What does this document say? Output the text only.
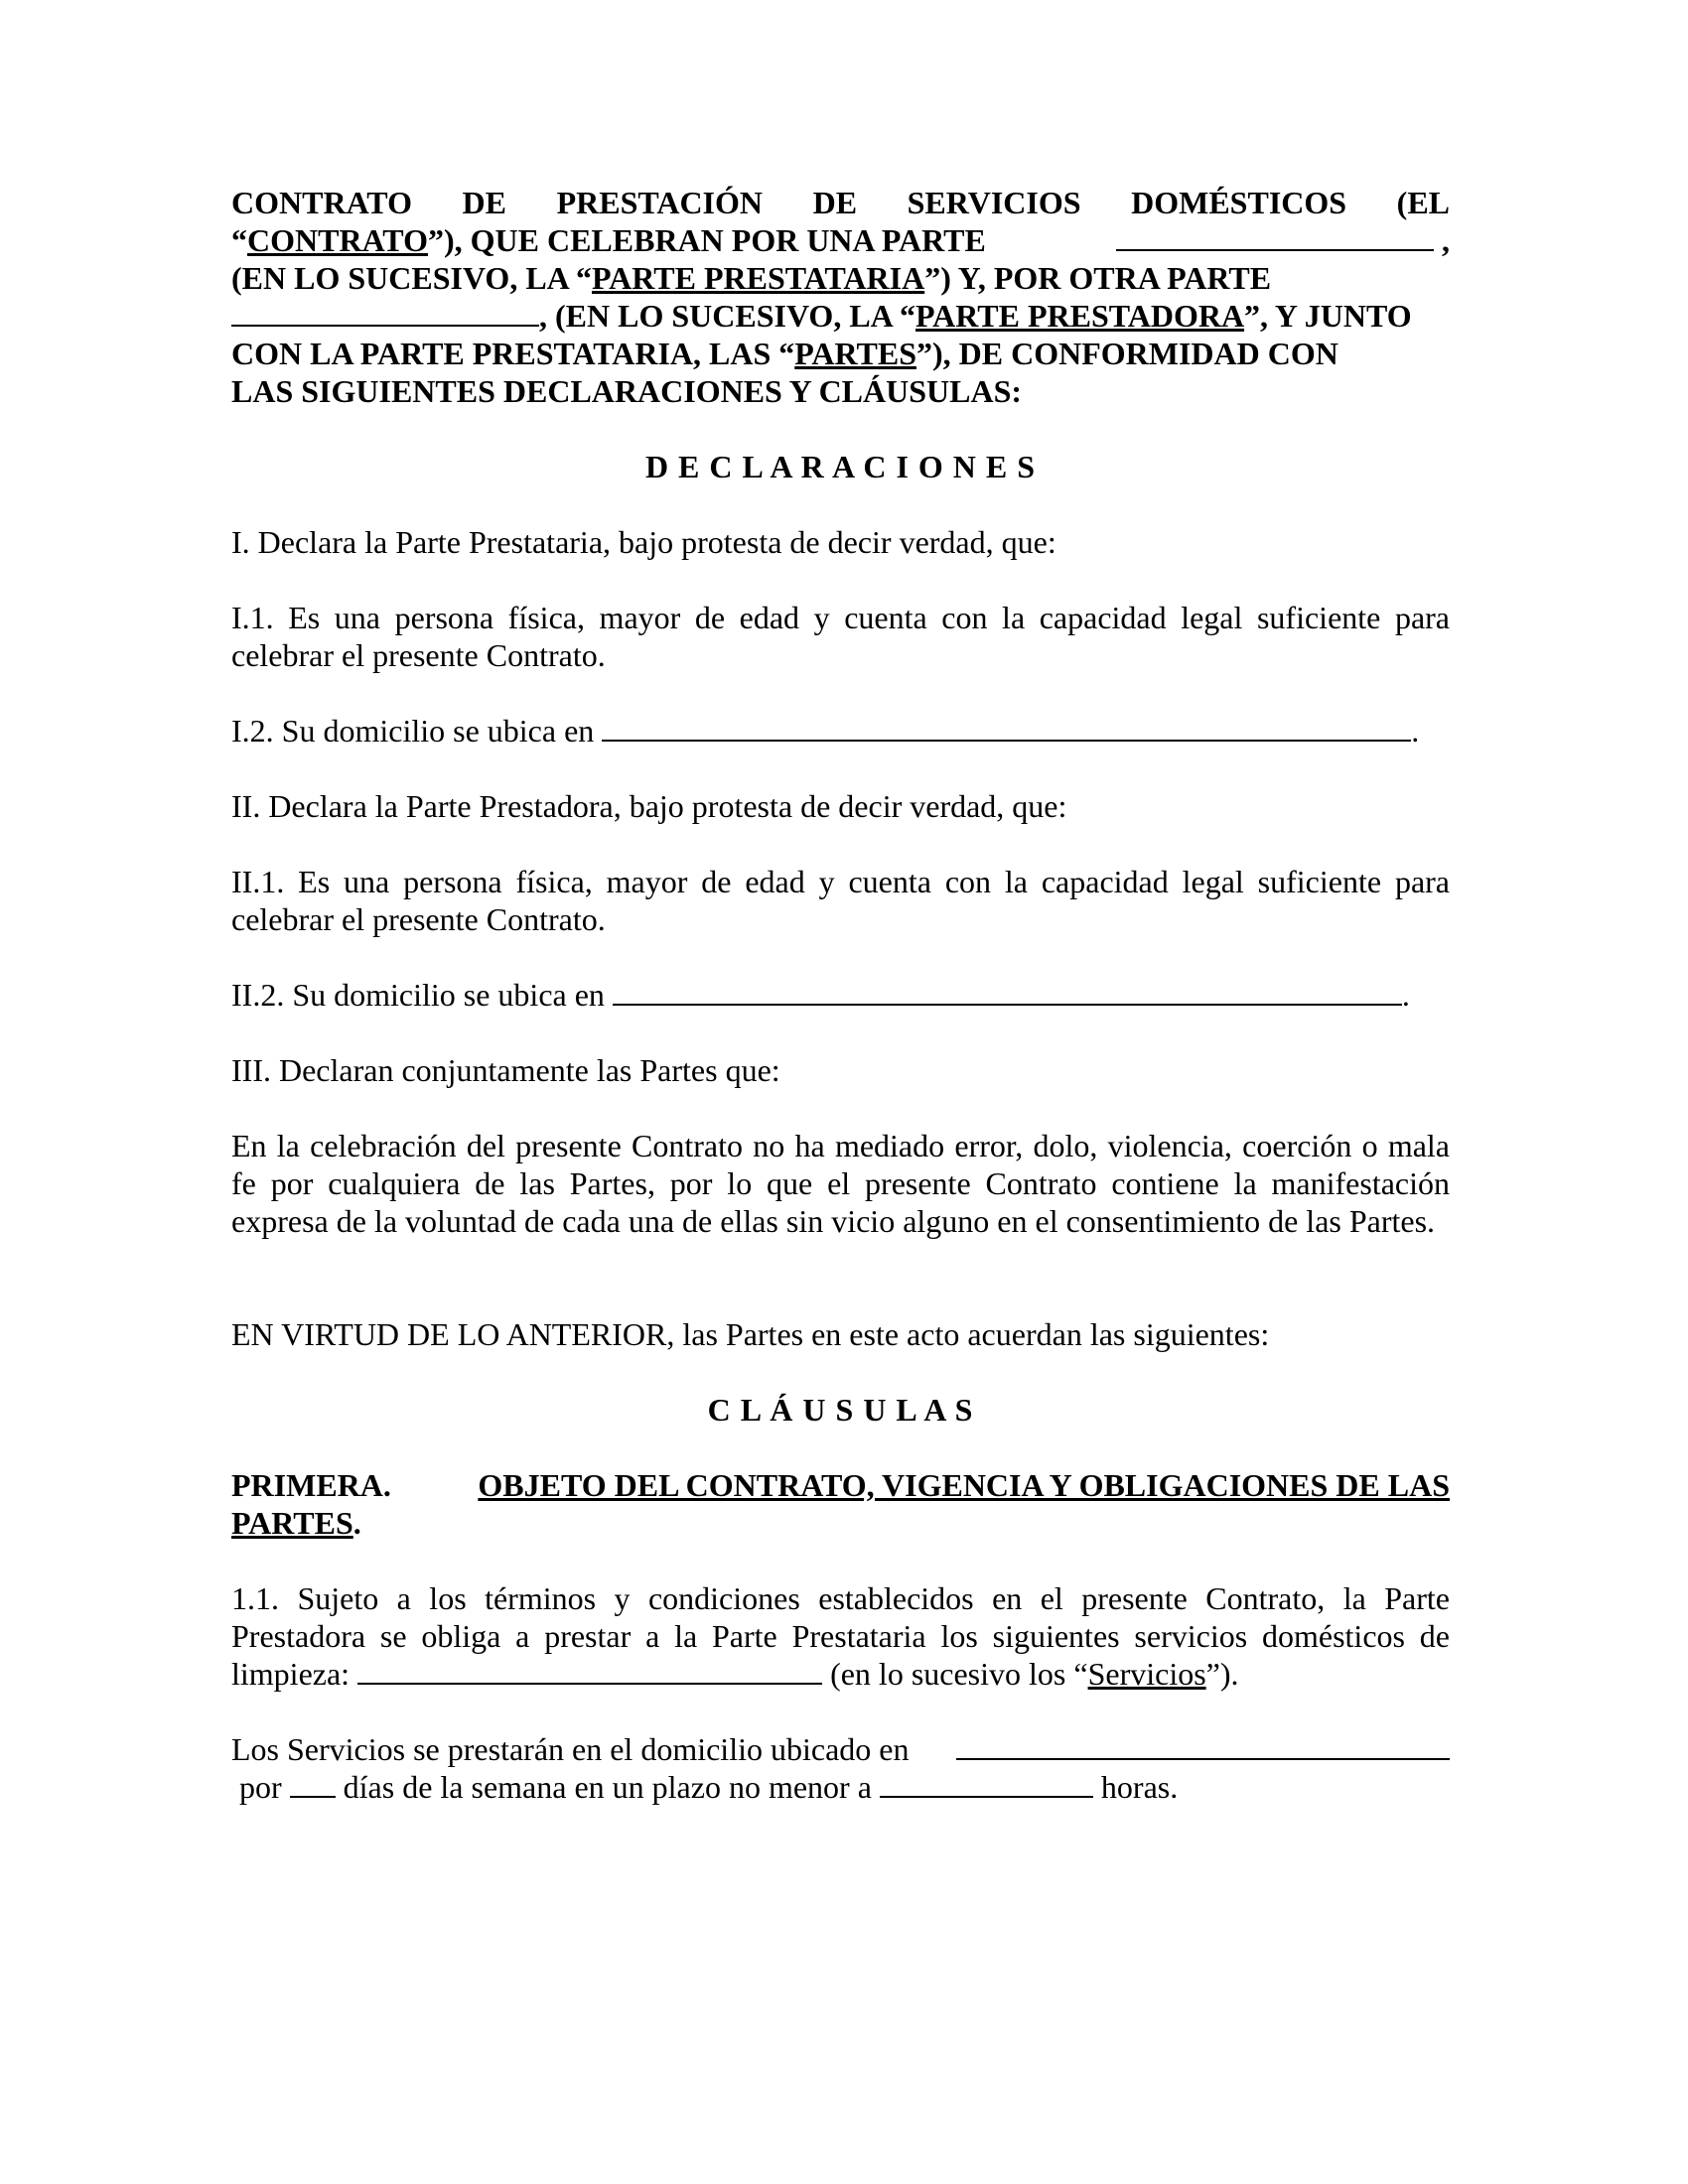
CONTRATO DE PRESTACIÓN DE SERVICIOS DOMÉSTICOS (EL
“CONTRATO”), QUE CELEBRAN POR UNA PARTE	,
(EN LO SUCESIVO, LA “PARTE PRESTATARIA”) Y, POR OTRA PARTE
, (EN LO SUCESIVO, LA “PARTE PRESTADORA”, Y JUNTO
CON LA PARTE PRESTATARIA, LAS “PARTES”), DE CONFORMIDAD CON
LAS SIGUIENTES DECLARACIONES Y CLÁUSULAS:
D E C L A R A C I O N E S

I. Declara la Parte Prestataria, bajo protesta de decir verdad, que:

I.1. Es una persona física, mayor de edad y cuenta con la capacidad legal suficiente para celebrar el presente Contrato.

I.2. Su domicilio se ubica en	.

II. Declara la Parte Prestadora, bajo protesta de decir verdad, que:

II.1. Es una persona física, mayor de edad y cuenta con la capacidad legal suficiente para celebrar el presente Contrato.

II.2. Su domicilio se ubica en	.

III. Declaran conjuntamente las Partes que:

En la celebración del presente Contrato no ha mediado error, dolo, violencia, coerción o mala fe por cualquiera de las Partes, por lo que el presente Contrato contiene la manifestación expresa de la voluntad de cada una de ellas sin vicio alguno en el consentimiento de las Partes.

EN VIRTUD DE LO ANTERIOR, las Partes en este acto acuerdan las siguientes:

C L Á U S U L A S
PRIMERA.	OBJETO DEL CONTRATO, VIGENCIA Y OBLIGACIONES DE LAS
PARTES.
1.1. Sujeto a los términos y condiciones establecidos en el presente Contrato, la Parte
Prestadora se obliga a prestar a la Parte Prestataria los siguientes servicios domésticos de
limpieza:	(en lo sucesivo los “Servicios”).
Los Servicios se prestarán en el domicilio ubicado en
por días de la semana en un plazo no menor a	horas.
